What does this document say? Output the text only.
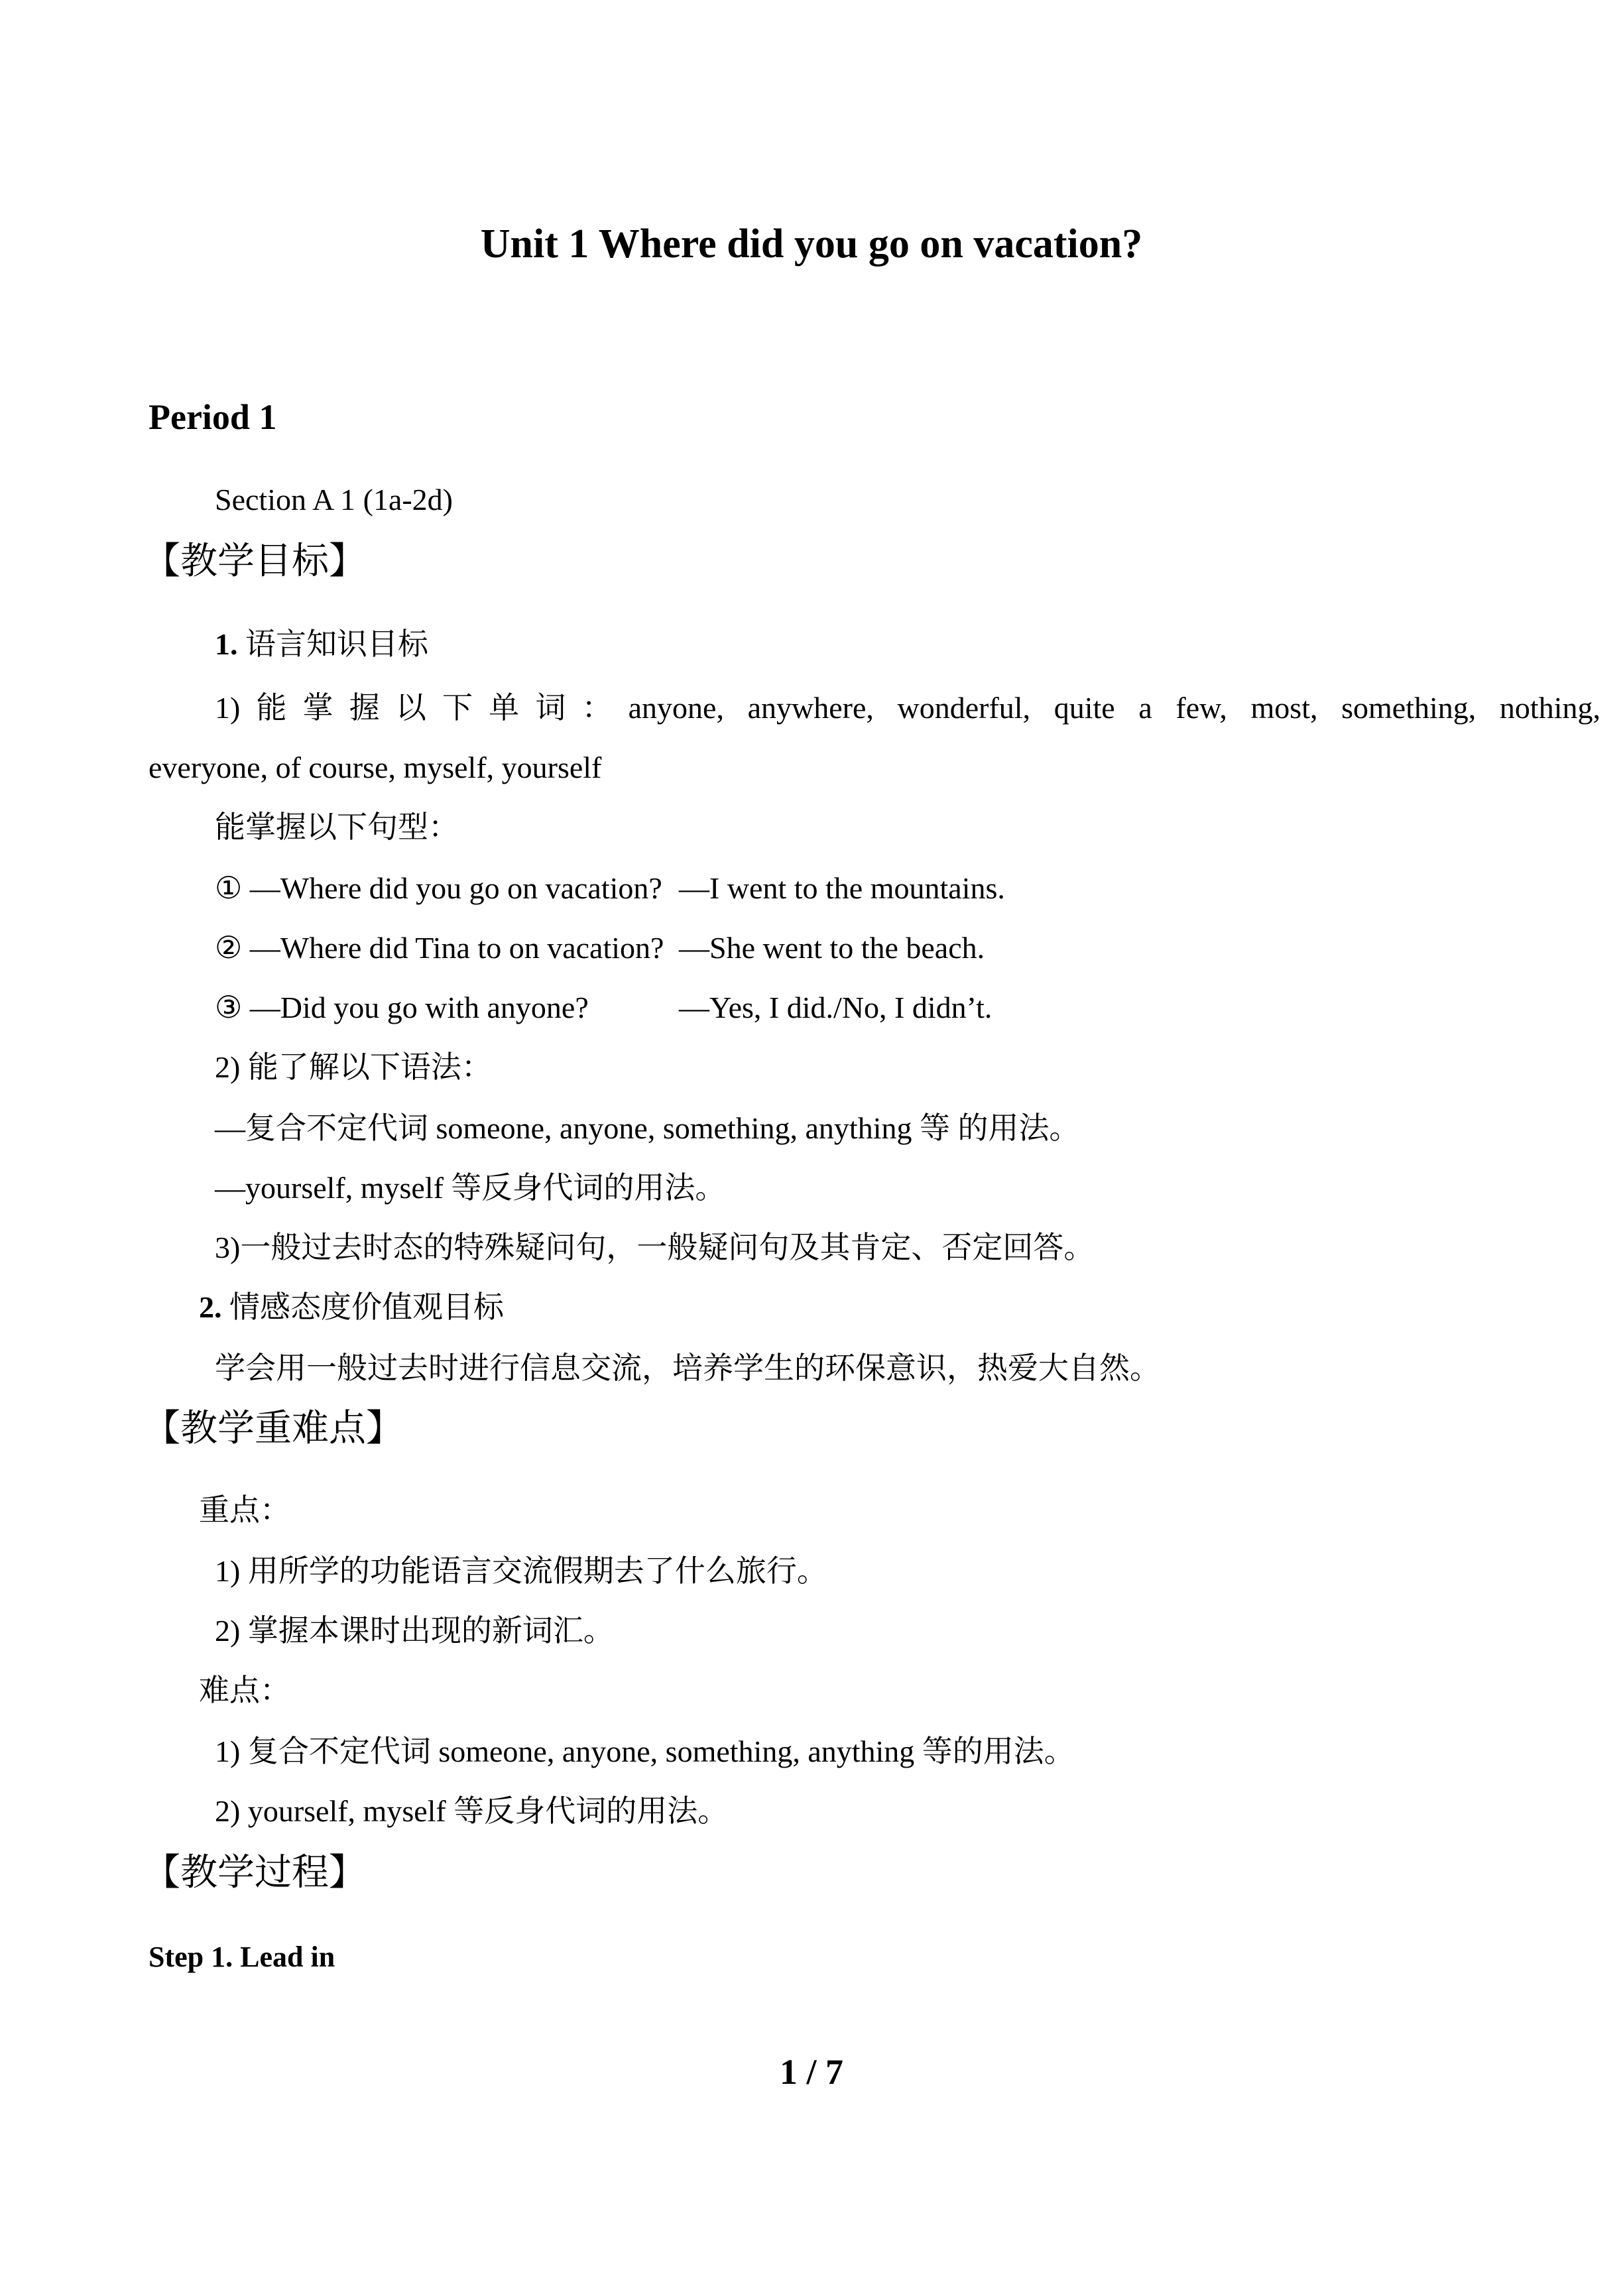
Unit 1 Where did you go on vacation?
Period 1
Section A 1 (1a-2d)
【教学目标】
1. 语言知识目标
1)能掌握以下单词：anyone, anywhere, wonderful, quite a few, most, something, nothing,
everyone, of course, myself, yourself
能掌握以下句型：
① —Where did you go on vacation? —I went to the mountains.
② —Where did Tina to on vacation? —She went to the beach.
③ —Did you go with anyone?	—Yes, I did./No, I didn’t.
2) 能了解以下语法：
—复合不定代词 someone, anyone, something, anything 等 的用法。
—yourself, myself 等反身代词的用法。
3)一般过去时态的特殊疑问句，一般疑问句及其肯定、否定回答。
2. 情感态度价值观目标
学会用一般过去时进行信息交流，培养学生的环保意识，热爱大自然。
【教学重难点】
重点：
1) 用所学的功能语言交流假期去了什么旅行。
2) 掌握本课时出现的新词汇。
难点：
1) 复合不定代词 someone, anyone, something, anything 等的用法。
2) yourself, myself 等反身代词的用法。
【教学过程】
Step 1. Lead in
1 / 7
